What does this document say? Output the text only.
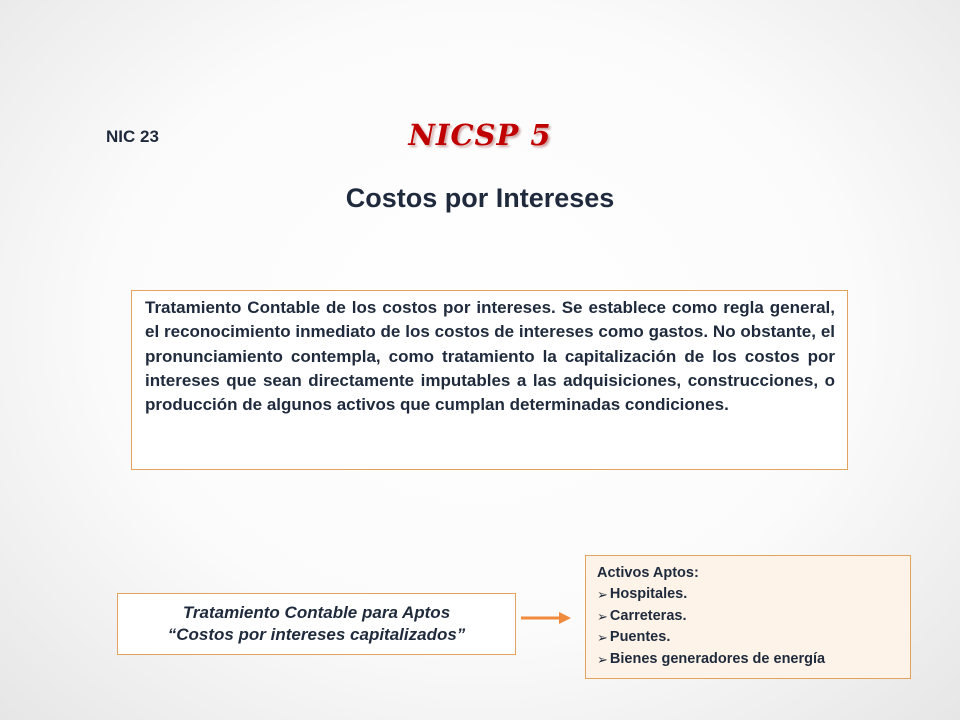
NIC 23	NICSP 5
Costos por Intereses
Tratamiento Contable de los costos por intereses. Se establece como regla general, el reconocimiento inmediato de los costos de intereses como gastos. No obstante, el pronunciamiento contempla, como tratamiento la capitalización de los costos por intereses que sean directamente imputables a las adquisiciones, construcciones, o producción de algunos activos que cumplan determinadas condiciones.
Tratamiento Contable para Aptos
“Costos por intereses capitalizados”
Activos Aptos:
➢ Hospitales.
➢ Carreteras.
➢ Puentes.
➢ Bienes generadores de energía
